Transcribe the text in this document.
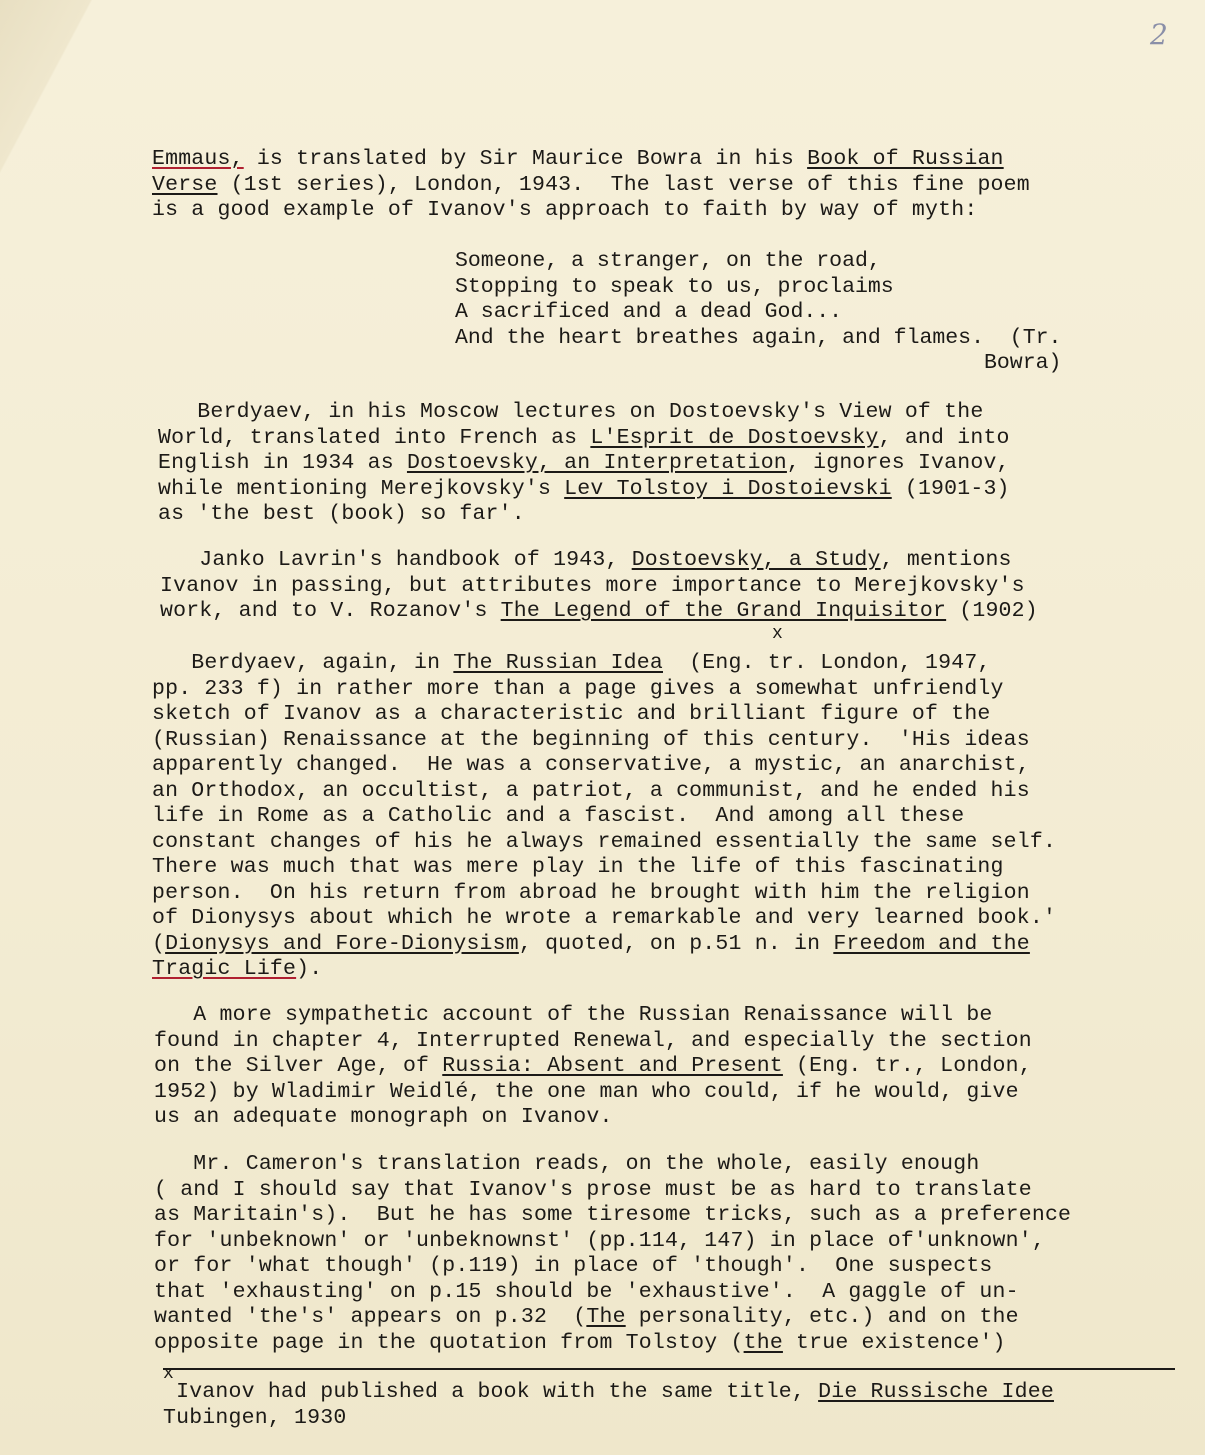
2
Emmaus, is translated by Sir Maurice Bowra in his Book of Russian
Verse (1st series), London, 1943.  The last verse of this fine poem
is a good example of Ivanov's approach to faith by way of myth:
Someone, a stranger, on the road,
Stopping to speak to us, proclaims
A sacrificed and a dead God...
And the heart breathes again, and flames.  (Tr.
Bowra)
Berdyaev, in his Moscow lectures on Dostoevsky's View of the
World, translated into French as L'Esprit de Dostoevsky, and into
English in 1934 as Dostoevsky, an Interpretation, ignores Ivanov,
while mentioning Merejkovsky's Lev Tolstoy i Dostoievski (1901-3)
as 'the best (book) so far'.
Janko Lavrin's handbook of 1943, Dostoevsky, a Study, mentions
Ivanov in passing, but attributes more importance to Merejkovsky's
work, and to V. Rozanov's The Legend of the Grand Inquisitor (1902)
x
Berdyaev, again, in The Russian Idea  (Eng. tr. London, 1947,
pp. 233 f) in rather more than a page gives a somewhat unfriendly
sketch of Ivanov as a characteristic and brilliant figure of the
(Russian) Renaissance at the beginning of this century.  'His ideas
apparently changed.  He was a conservative, a mystic, an anarchist,
an Orthodox, an occultist, a patriot, a communist, and he ended his
life in Rome as a Catholic and a fascist.  And among all these
constant changes of his he always remained essentially the same self.
There was much that was mere play in the life of this fascinating
person.  On his return from abroad he brought with him the religion
of Dionysys about which he wrote a remarkable and very learned book.'
(Dionysys and Fore-Dionysism, quoted, on p.51 n. in Freedom and the
Tragic Life).
A more sympathetic account of the Russian Renaissance will be
found in chapter 4, Interrupted Renewal, and especially the section
on the Silver Age, of Russia: Absent and Present (Eng. tr., London,
1952) by Wladimir Weidlé, the one man who could, if he would, give
us an adequate monograph on Ivanov.
Mr. Cameron's translation reads, on the whole, easily enough
( and I should say that Ivanov's prose must be as hard to translate
as Maritain's).  But he has some tiresome tricks, such as a preference
for 'unbeknown' or 'unbeknownst' (pp.114, 147) in place of'unknown',
or for 'what though' (p.119) in place of 'though'.  One suspects
that 'exhausting' on p.15 should be 'exhaustive'.  A gaggle of un-
wanted 'the's' appears on p.32  (The personality, etc.) and on the
opposite page in the quotation from Tolstoy (the true existence')
x
Ivanov had published a book with the same title, Die Russische Idee
Tubingen, 1930
